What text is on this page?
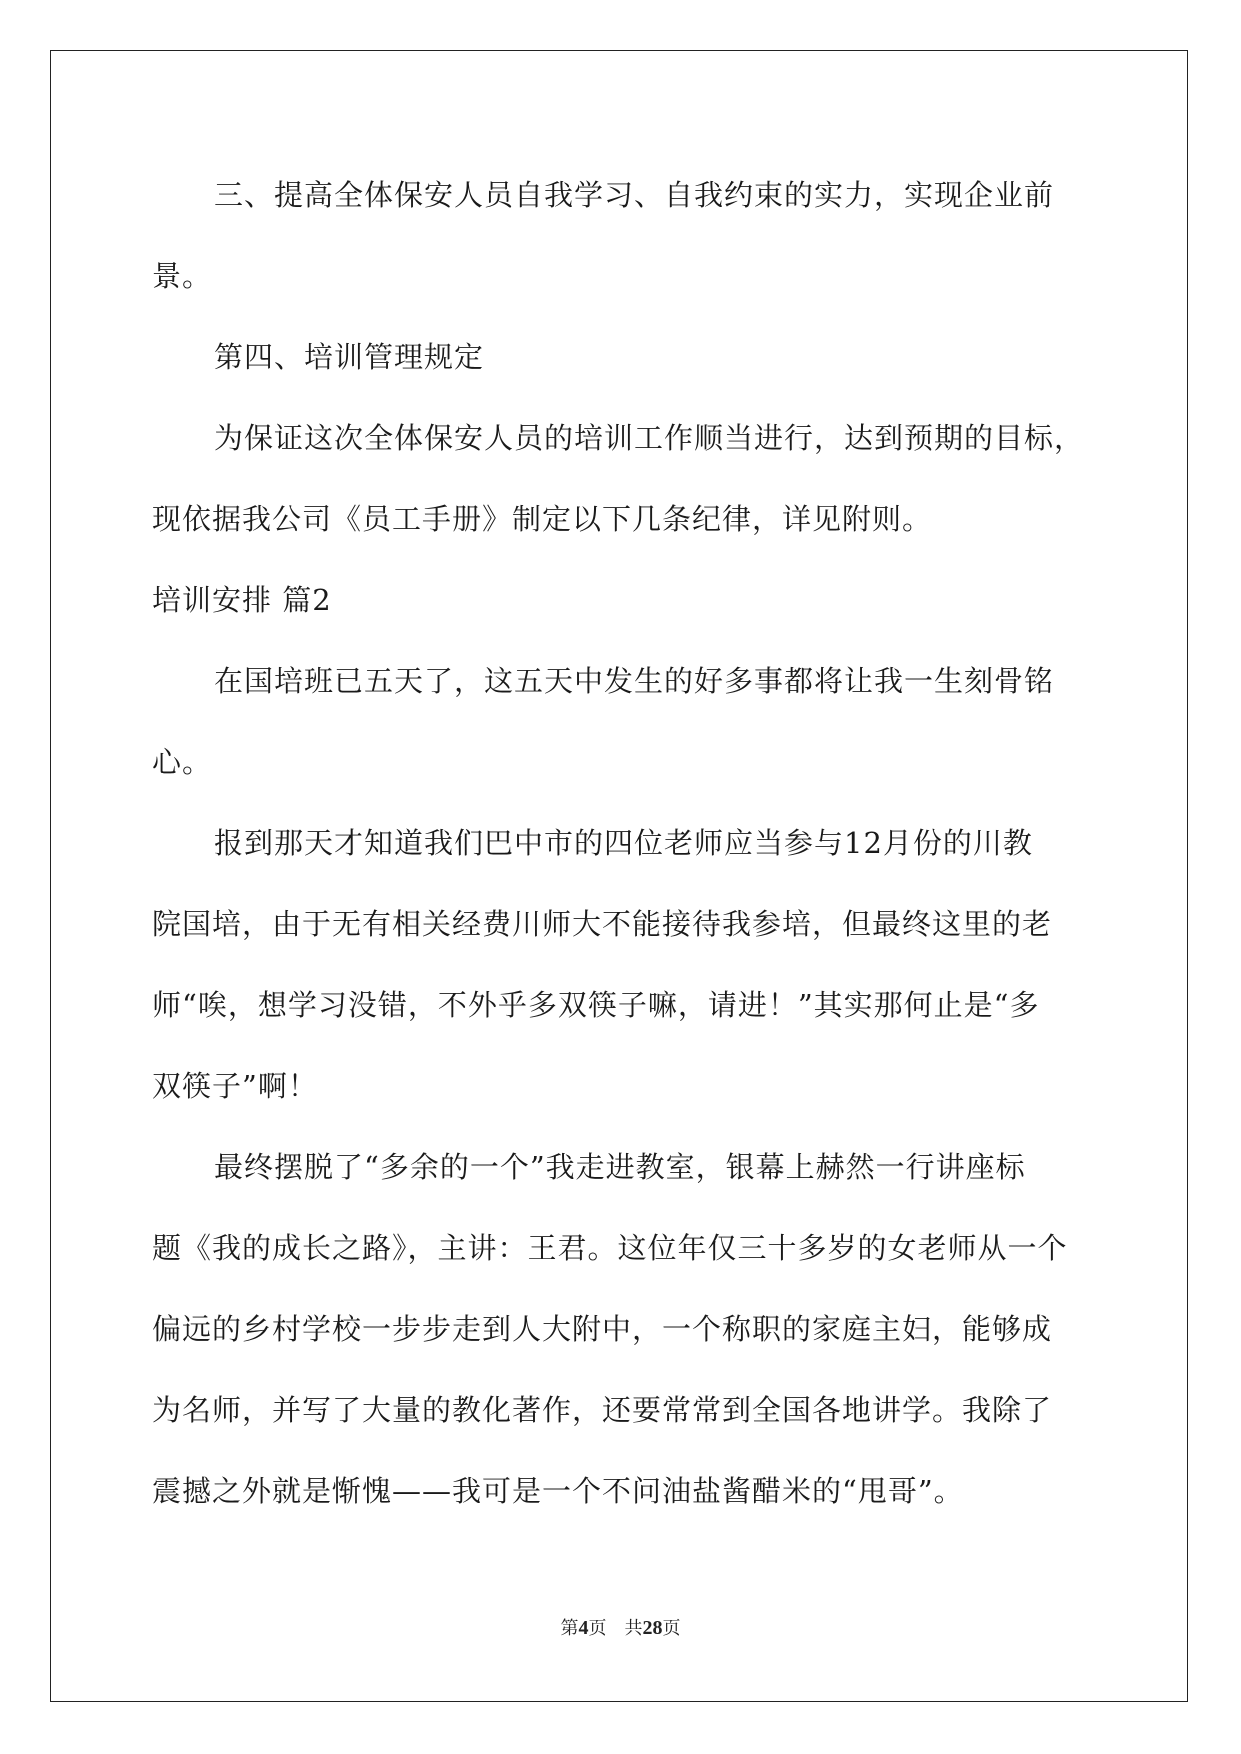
三、提高全体保安人员自我学习、自我约束的实力，实现企业前
景。
第四、培训管理规定
为保证这次全体保安人员的培训工作顺当进行，达到预期的目标，
现依据我公司《员工手册》制定以下几条纪律，详见附则。
培训安排 篇2
在国培班已五天了，这五天中发生的好多事都将让我一生刻骨铭
心。
报到那天才知道我们巴中市的四位老师应当参与12月份的川教
院国培，由于无有相关经费川师大不能接待我参培，但最终这里的老
师“唉，想学习没错，不外乎多双筷子嘛，请进！”其实那何止是“多
双筷子”啊！
最终摆脱了“多余的一个”我走进教室，银幕上赫然一行讲座标
题《我的成长之路》，主讲：王君。这位年仅三十多岁的女老师从一个
偏远的乡村学校一步步走到人大附中，一个称职的家庭主妇，能够成
为名师，并写了大量的教化著作，还要常常到全国各地讲学。我除了
震撼之外就是惭愧——我可是一个不问油盐酱醋米的“甩哥”。
第4页 共28页
